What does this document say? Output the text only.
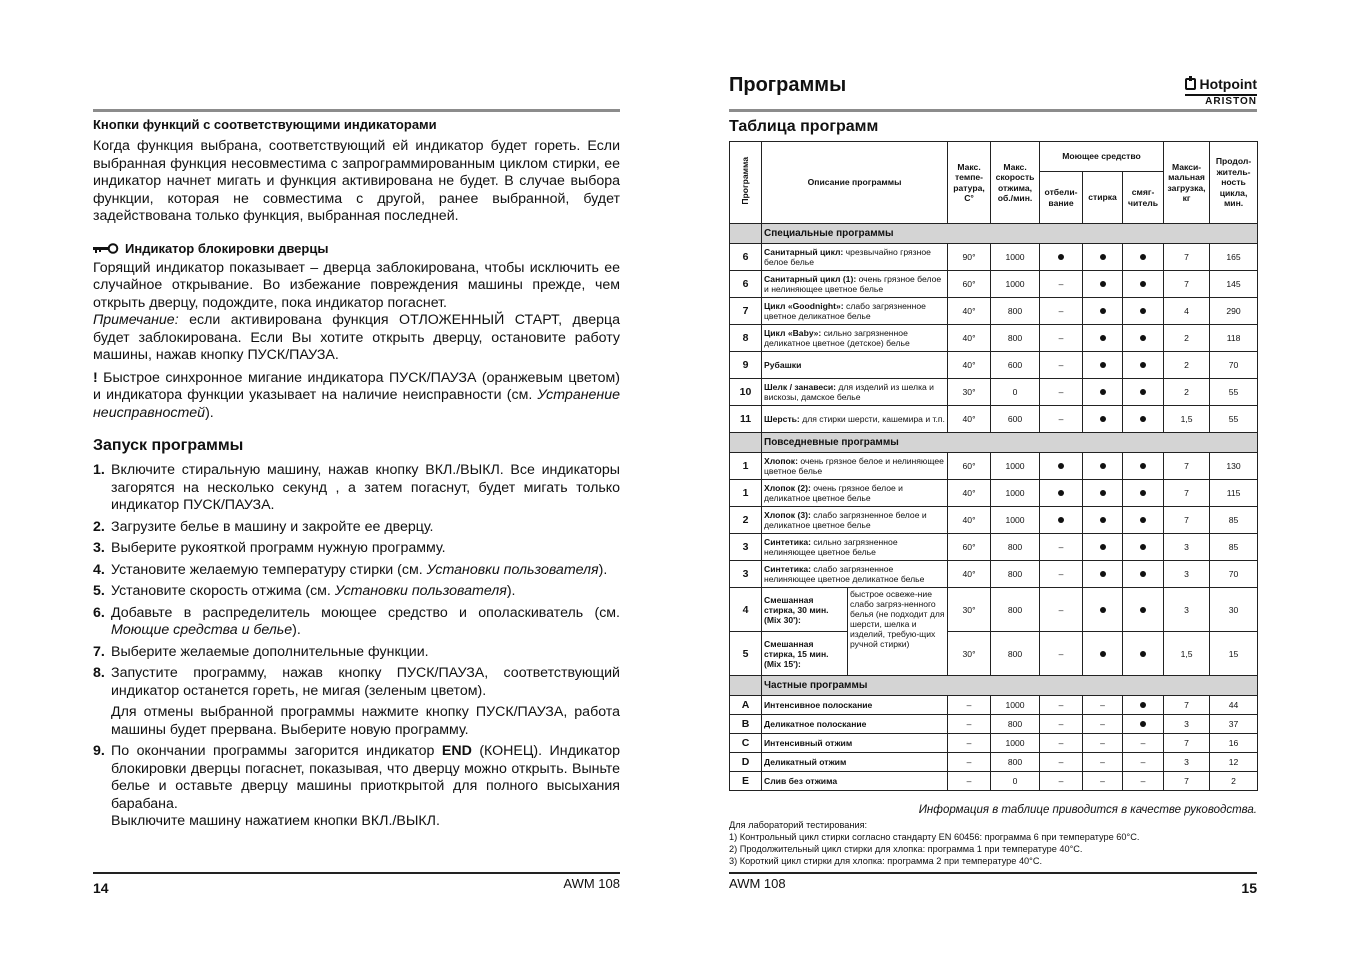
Кнопки функций с соответствующими индикаторами

Когда функция выбрана, соответствующий ей индикатор будет гореть. Если выбранная функция несовместима с запрограммированным циклом стирки, ее индикатор начнет мигать и функция активирована не будет. В случае выбора функции, которая не совместима с другой, ранее выбранной, будет задействована только функция, выбранная последней.

Индикатор блокировки дверцы

Горящий индикатор показывает – дверца заблокирована, чтобы исключить ее случайное открывание. Во избежание повреждения машины прежде, чем открыть дверцу, подождите, пока индикатор погаснет.

Примечание: если активирована функция ОТЛОЖЕННЫЙ СТАРТ, дверца будет заблокирована. Если Вы хотите открыть дверцу, остановите работу машины, нажав кнопку ПУСК/ПАУЗА.

! Быстрое синхронное мигание индикатора ПУСК/ПАУЗА (оранжевым цветом) и индикатора функции указывает на наличие неисправности (см. Устранение неисправностей).

Запуск программы
1. Включите стиральную машину, нажав кнопку ВКЛ./ВЫКЛ. Все индикаторы загорятся на несколько секунд , а затем погаснут, будет мигать только индикатор ПУСК/ПАУЗА.
2. Загрузите белье в машину и закройте ее дверцу.
3. Выберите рукояткой программ нужную программу.
4. Установите желаемую температуру стирки (см. Установки пользователя).
5. Установите скорость отжима (см. Установки пользователя).
6. Добавьте в распределитель моющее средство и ополаскиватель (см. Моющие средства и белье).
7. Выберите желаемые дополнительные функции.
8. Запустите программу, нажав кнопку ПУСК/ПАУЗА, соответствующий индикатор останется гореть, не мигая (зеленым цветом).
Для отмены выбранной программы нажмите кнопку ПУСК/ПАУЗА, работа машины будет прервана. Выберите новую программу.
9. По окончании программы загорится индикатор END (КОНЕЦ). Индикатор блокировки дверцы погаснет, показывая, что дверцу можно открыть. Выньте белье и оставьте дверцу машины приоткрытой для полного высыхания барабана.
Выключите машину нажатием кнопки ВКЛ./ВЫКЛ.
14	AWM 108
Программы	Hotpoint
ARISTON
Таблица программ
Программа	Описание программы		Макс. темпе-ратура, С°	Макс. скорость отжима, об./мин.	Моющее средство			Макси-мальная загрузка, кг	Продол-житель-ность цикла, мин.
					отбели-вание	стирка	смяг-читель		
	Специальные программы								
6	Санитарный цикл: чрезвычайно грязное белое белье		90°	1000				7	165
6	Санитарный цикл (1): очень грязное белое и нелиняющее цветное белье		60°	1000	–			7	145
7	Цикл «Goodnight»: слабо загрязненное цветное деликатное белье		40°	800	–			4	290
8	Цикл «Baby»: сильно загрязненное деликатное цветное (детское) белье		40°	800	–			2	118
9	Рубашки		40°	600	–			2	70
10	Шелк / занавеси: для изделий из шелка и вискозы, дамское белье		30°	0	–			2	55
11	Шерсть: для стирки шерсти, кашемира и т.п.		40°	600	–			1,5	55
	Повседневные программы								
1	Хлопок: очень грязное белое и нелиняющее цветное белье		60°	1000				7	130
1	Хлопок (2): очень грязное белое и деликатное цветное белье		40°	1000				7	115
2	Хлопок (3): слабо загрязненное белое и деликатное цветное белье		40°	1000				7	85
3	Синтетика: сильно загрязненное нелиняющее цветное белье		60°	800	–			3	85
3	Синтетика: слабо загрязненное нелиняющее цветное деликатное белье		40°	800	–			3	70
4	Смешанная стирка, 30 мин. (Mix 30'):	быстрое освеже-ние слабо загряз-ненного белья (не подходит для шерсти, шелка и изделий, требую-щих ручной стирки)	30°	800	–			3	30
5	Смешанная стирка, 15 мин. (Mix 15'):		30°	800	–			1,5	15
	Частные программы								
A	Интенсивное полоскание		–	1000	–	–		7	44
B	Деликатное полоскание		–	800	–	–		3	37
C	Интенсивный отжим		–	1000	–	–	–	7	16
D	Деликатный отжим		–	800	–	–	–	3	12
E	Слив без отжима		–	0	–	–	–	7	2
Информация в таблице приводится в качестве руководства.
Для лабораторий тестирования:
1) Контрольный цикл стирки согласно стандарту EN 60456: программа 6 при температуре 60°С.
2) Продолжительный цикл стирки для хлопка: программа 1 при температуре 40°С.
3) Короткий цикл стирки для хлопка: программа 2 при температуре 40°С.
AWM 108	15
